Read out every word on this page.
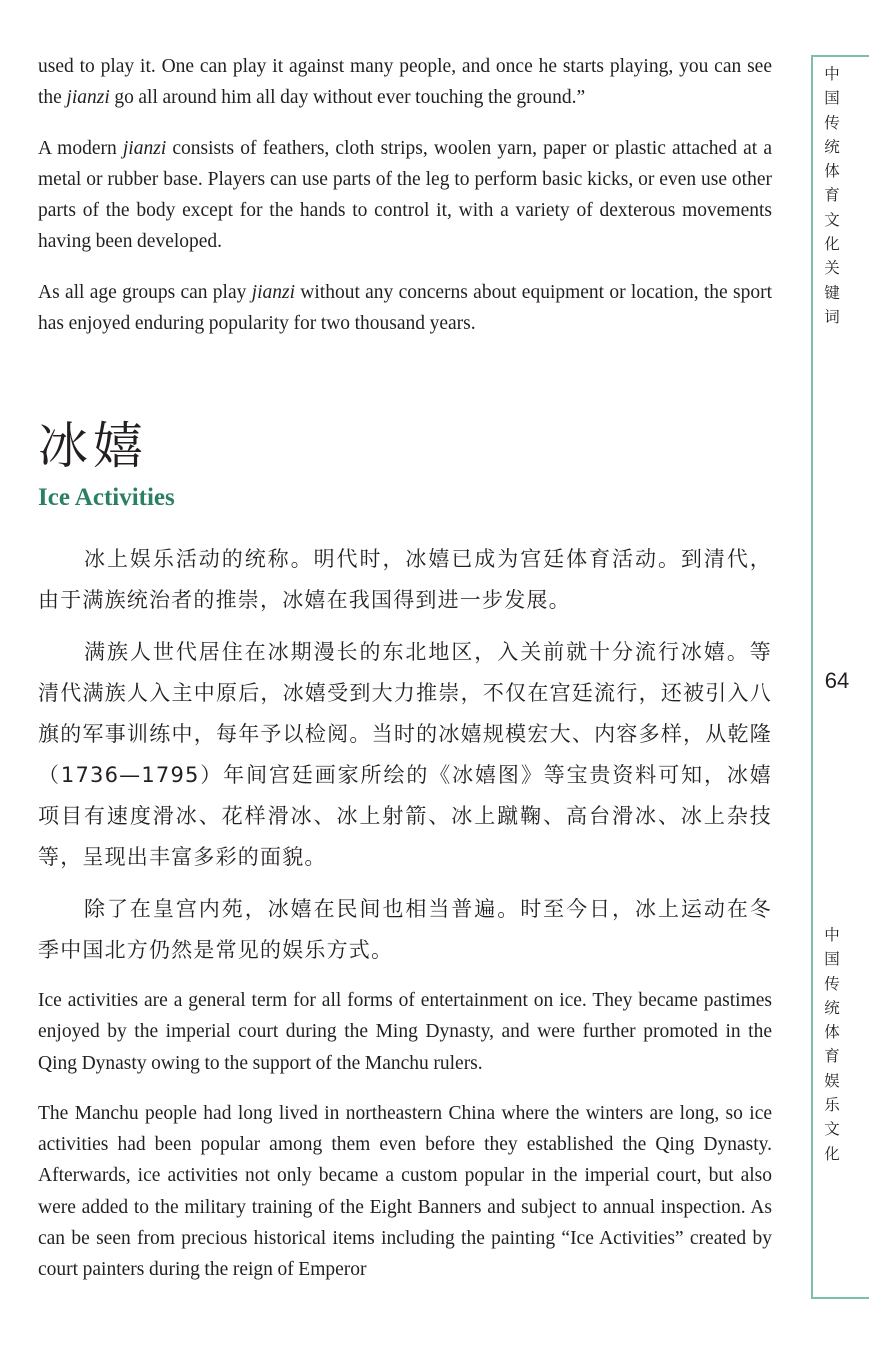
中国传统体育文化关键词
64
中国传统体育娱乐文化

used to play it. One can play it against many people, and once he starts playing, you can see the jianzi go all around him all day without ever touching the ground.”

A modern jianzi consists of feathers, cloth strips, woolen yarn, paper or plastic attached at a metal or rubber base. Players can use parts of the leg to perform basic kicks, or even use other parts of the body except for the hands to control it, with a variety of dexterous movements having been developed.

As all age groups can play jianzi without any concerns about equipment or location, the sport has enjoyed enduring popularity for two thousand years.

冰嬉
Ice Activities

冰上娱乐活动的统称。明代时，冰嬉已成为宫廷体育活动。到清代，由于满族统治者的推崇，冰嬉在我国得到进一步发展。

满族人世代居住在冰期漫长的东北地区，入关前就十分流行冰嬉。等清代满族人入主中原后，冰嬉受到大力推崇，不仅在宫廷流行，还被引入八旗的军事训练中，每年予以检阅。当时的冰嬉规模宏大、内容多样，从乾隆（1736—1795）年间宫廷画家所绘的《冰嬉图》等宝贵资料可知，冰嬉项目有速度滑冰、花样滑冰、冰上射箭、冰上蹴鞠、高台滑冰、冰上杂技等，呈现出丰富多彩的面貌。

除了在皇宫内苑，冰嬉在民间也相当普遍。时至今日，冰上运动在冬季中国北方仍然是常见的娱乐方式。

Ice activities are a general term for all forms of entertainment on ice. They became pastimes enjoyed by the imperial court during the Ming Dynasty, and were further promoted in the Qing Dynasty owing to the support of the Manchu rulers.

The Manchu people had long lived in northeastern China where the winters are long, so ice activities had been popular among them even before they established the Qing Dynasty. Afterwards, ice activities not only became a custom popular in the imperial court, but also were added to the military training of the Eight Banners and subject to annual inspection. As can be seen from precious historical items including the painting “Ice Activities” created by court painters during the reign of Emperor
